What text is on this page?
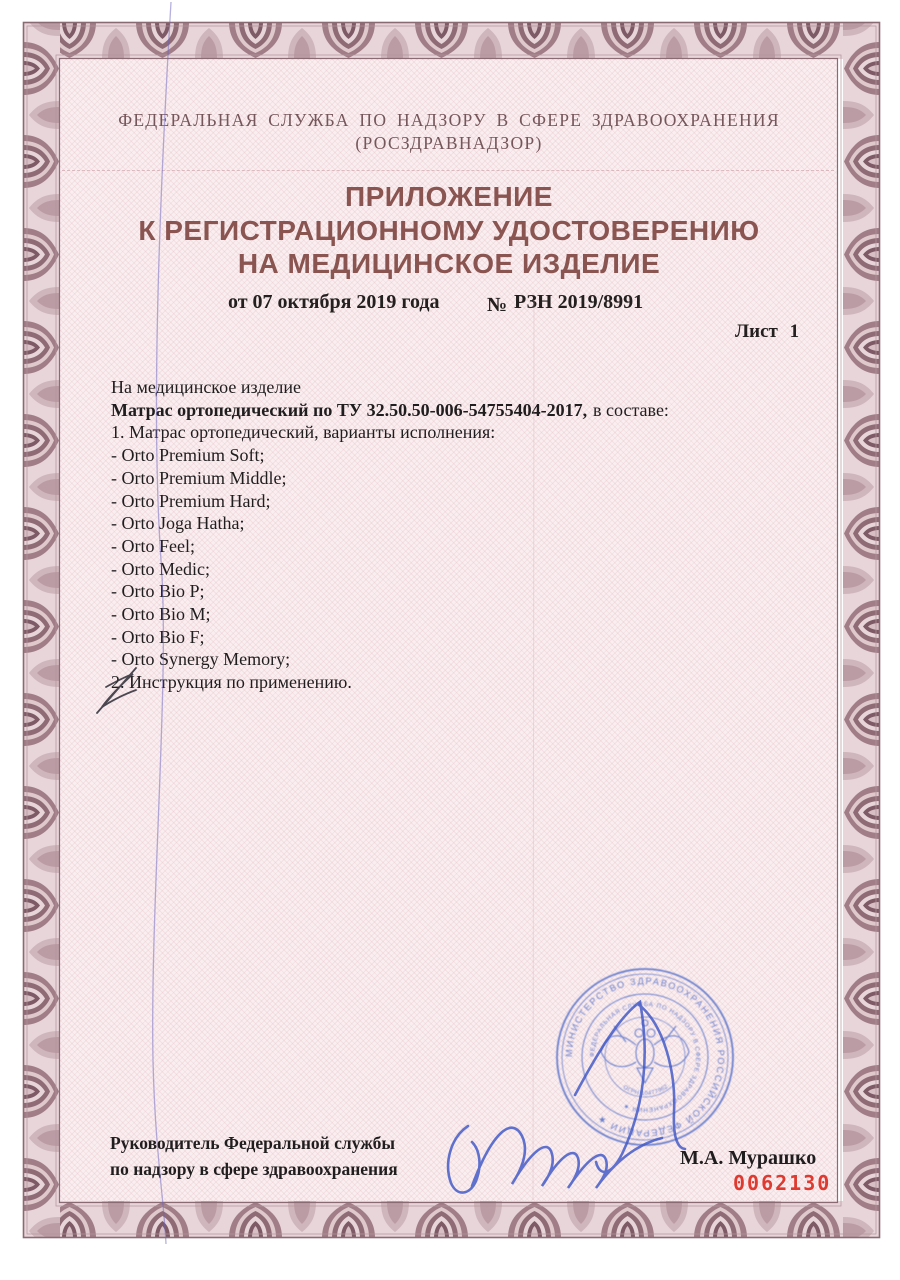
ФЕДЕРАЛЬНАЯ СЛУЖБА ПО НАДЗОРУ В СФЕРЕ ЗДРАВООХРАНЕНИЯ
(РОСЗДРАВНАДЗОР)
ПРИЛОЖЕНИЕ
К РЕГИСТРАЦИОННОМУ УДОСТОВЕРЕНИЮ
НА МЕДИЦИНСКОЕ ИЗДЕЛИЕ
от 07 октября 2019 года № РЗН 2019/8991
Лист 1
На медицинское изделие
Матрас ортопедический по ТУ 32.50.50-006-54755404-2017, в составе:
1. Матрас ортопедический, варианты исполнения:
- Orto Premium Soft;
- Orto Premium Middle;
- Orto Premium Hard;
- Orto Joga Hatha;
- Orto Feel;
- Orto Medic;
- Orto Bio P;
- Orto Bio M;
- Orto Bio F;
- Orto Synergy Memory;
2. Инструкция по применению.
Руководитель Федеральной службы
по надзору в сфере здравоохранения	М.А. Мурашко
0062130
МИНИСТЕРСТВО ЗДРАВООХРАНЕНИЯ РОССИЙСКОЙ ФЕДЕРАЦИИ ★
ФЕДЕРАЛЬНАЯ СЛУЖБА ПО НАДЗОРУ В СФЕРЕ ЗДРАВООХРАНЕНИЯ ★
ОГРН 10477962
